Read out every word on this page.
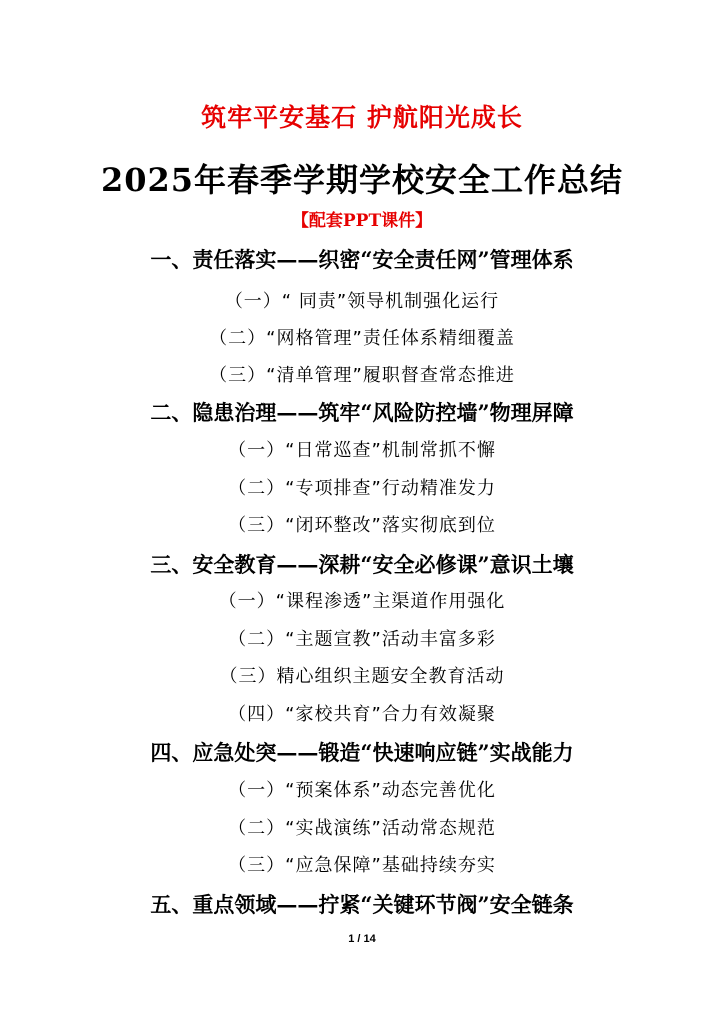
筑牢平安基石 护航阳光成长
2025年春季学期学校安全工作总结
【配套PPT课件】
一、责任落实——织密“安全责任网”管理体系
（一）“ 同责”领导机制强化运行
（二）“网格管理”责任体系精细覆盖
（三）“清单管理”履职督查常态推进
二、隐患治理——筑牢“风险防控墙”物理屏障
（一）“日常巡查”机制常抓不懈
（二）“专项排查”行动精准发力
（三）“闭环整改”落实彻底到位
三、安全教育——深耕“安全必修课”意识土壤
（一）“课程渗透”主渠道作用强化
（二）“主题宣教”活动丰富多彩
（三）精心组织主题安全教育活动
（四）“家校共育”合力有效凝聚
四、应急处突——锻造“快速响应链”实战能力
（一）“预案体系”动态完善优化
（二）“实战演练”活动常态规范
（三）“应急保障”基础持续夯实
五、重点领域——拧紧“关键环节阀”安全链条
1 / 14
